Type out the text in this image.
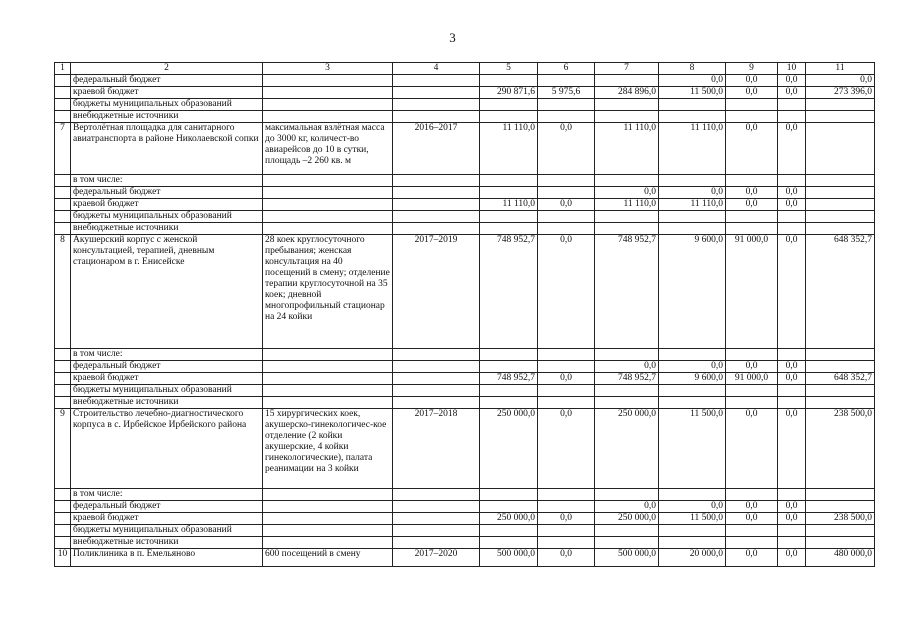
3
1	2	3	4	5	6	7	8	9	10	11
	федеральный бюджет						0,0	0,0	0,0	0,0
	краевой бюджет			290 871,6	5 975,6	284 896,0	11 500,0	0,0	0,0	273 396,0
	бюджеты муниципальных образований									
	внебюджетные источники									
7	Вертолётная площадка для санитарного авиатранспорта в районе Николаевской сопки	максимальная взлётная масса до 3000 кг, количест-во авиарейсов до 10 в сутки, площадь –2 260 кв. м	2016–2017	11 110,0	0,0	11 110,0	11 110,0	0,0	0,0	
	в том числе:									
	федеральный бюджет					0,0	0,0	0,0	0,0	
	краевой бюджет			11 110,0	0,0	11 110,0	11 110,0	0,0	0,0	
	бюджеты муниципальных образований									
	внебюджетные источники									
8	Акушерский корпус с женской консультацией, терапией, дневным стационаром в г. Енисейске	28 коек круглосуточного пребывания; женская консультация на 40 посещений в смену; отделение терапии круглосуточной на 35 коек; дневной многопрофильный стационар на 24 койки	2017–2019	748 952,7	0,0	748 952,7	9 600,0	91 000,0	0,0	648 352,7
	в том числе:									
	федеральный бюджет					0,0	0,0	0,0	0,0	
	краевой бюджет			748 952,7	0,0	748 952,7	9 600,0	91 000,0	0,0	648 352,7
	бюджеты муниципальных образований									
	внебюджетные источники									
9	Строительство лечебно-диагностического корпуса в с. Ирбейское Ирбейского района	15 хирургических коек, акушерско-гинекологичес-кое отделение (2 койки акушерские, 4 койки гинекологические), палата реанимации на 3 койки	2017–2018	250 000,0	0,0	250 000,0	11 500,0	0,0	0,0	238 500,0
	в том числе:									
	федеральный бюджет					0,0	0,0	0,0	0,0	
	краевой бюджет			250 000,0	0,0	250 000,0	11 500,0	0,0	0,0	238 500,0
	бюджеты муниципальных образований									
	внебюджетные источники									
10	Поликлиника в п. Емельяново	600 посещений в смену	2017–2020	500 000,0	0,0	500 000,0	20 000,0	0,0	0,0	480 000,0
